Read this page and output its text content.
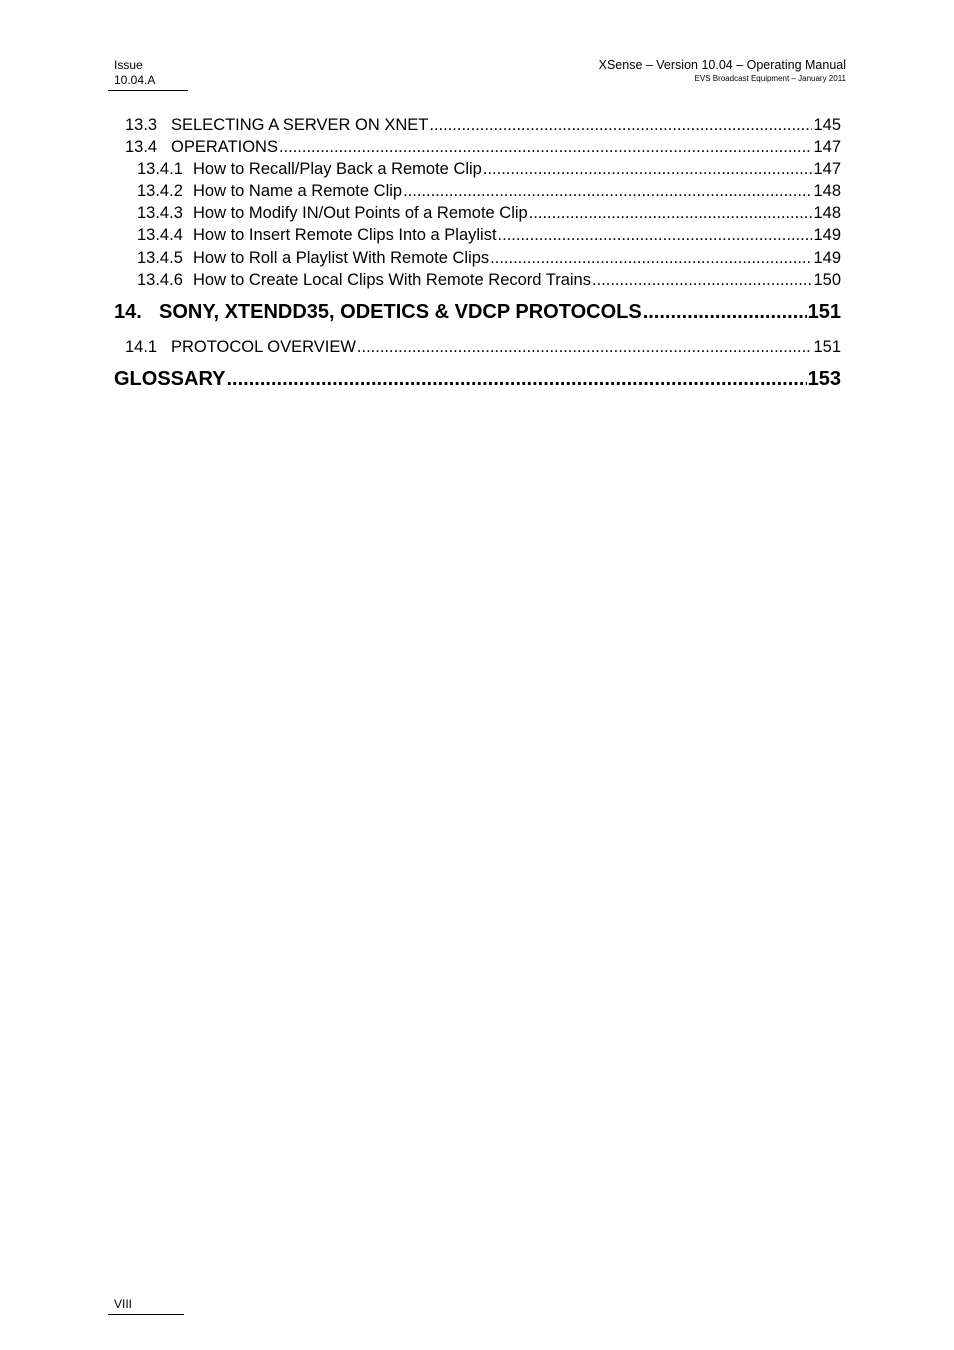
Issue
10.04.A
XSense – Version 10.04 – Operating Manual
EVS Broadcast Equipment – January 2011
13.3 SELECTING A SERVER ON XNET .....	145
13.4 OPERATIONS .....	147
13.4.1 How to Recall/Play Back a Remote Clip .....	147
13.4.2 How to Name a Remote Clip .....	148
13.4.3 How to Modify IN/Out Points of a Remote Clip .....	148
13.4.4 How to Insert Remote Clips Into a Playlist .....	149
13.4.5 How to Roll a Playlist With Remote Clips .....	149
13.4.6 How to Create Local Clips With Remote Record Trains .....	150
14. SONY, XTENDD35, ODETICS & VDCP PROTOCOLS .....	151
14.1 PROTOCOL OVERVIEW .....	151
GLOSSARY .....	153
VIII
